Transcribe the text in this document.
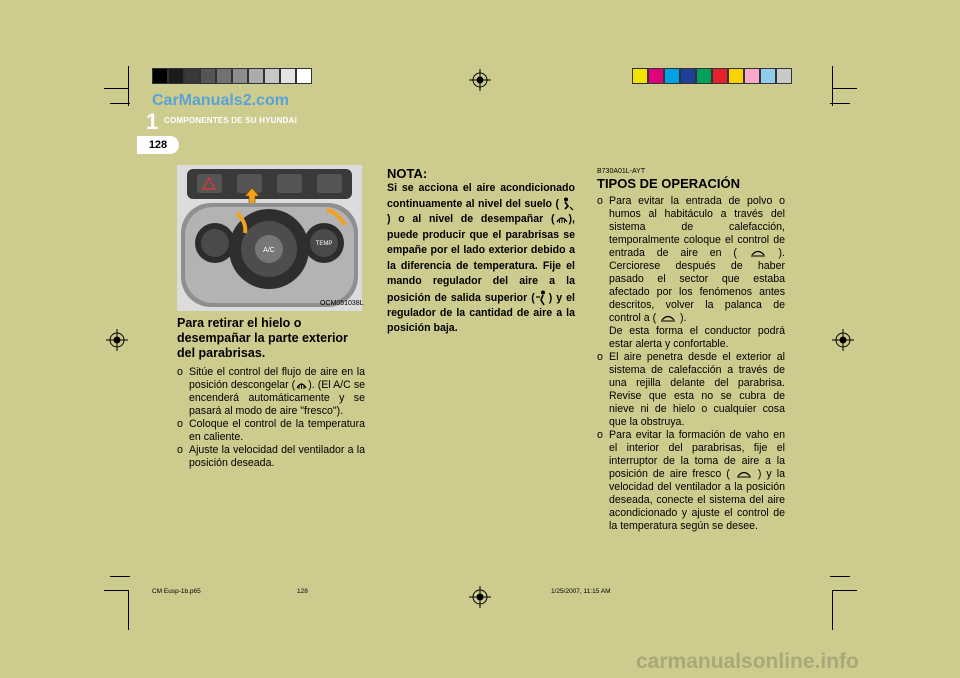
CarManuals2.com
1 COMPONENTES DE SU HYUNDAI
128
A/C
TEMP
OCM051038L
Para retirar el hielo o desempañar la parte exterior del parabrisas.
o Sitúe el control del flujo de aire en la posición descongelar ( ). (El A/C se encenderá automáticamente y se pasará al modo de aire "fresco").
o Coloque el control de la temperatura en caliente.
o Ajuste la velocidad del ventilador a la posición deseada.
NOTA:
Si se acciona el aire acondicionado continuamente al nivel del suelo () o al nivel de desempañar ( ), puede producir que el parabrisas se empañe por el lado exterior debido a la diferencia de temperatura. Fije el mando regulador del aire a la posición de salida superior ( ) y el regulador de la cantidad de aire a la posición baja.
B730A01L-AYT
TIPOS DE OPERACIÓN
o Para evitar la entrada de polvo o humos al habitáculo a través del sistema de calefacción, temporalmente coloque el control de entrada de aire en (	). Cerciorese después de haber pasado el sector que estaba afectado por los fenómenos antes descritos, volver la palanca de control a ( ).
De esta forma el conductor podrá estar alerta y confortable.
o El aire penetra desde el exterior al sistema de calefacción a través de una rejilla delante del parabrisa. Revise que esta no se cubra de nieve ni de hielo o cualquier cosa que la obstruya.
o Para evitar la formación de vaho en el interior del parabrisas, fije el interruptor de la toma de aire a la posición de aire fresco (	) y la velocidad del ventilador a la posición deseada, conecte el sistema del aire acondicionado y ajuste el control de la temperatura según se desee.
CM Eusp-1b.p65	128	1/25/2007, 11:15 AM
carmanualsonline.info
